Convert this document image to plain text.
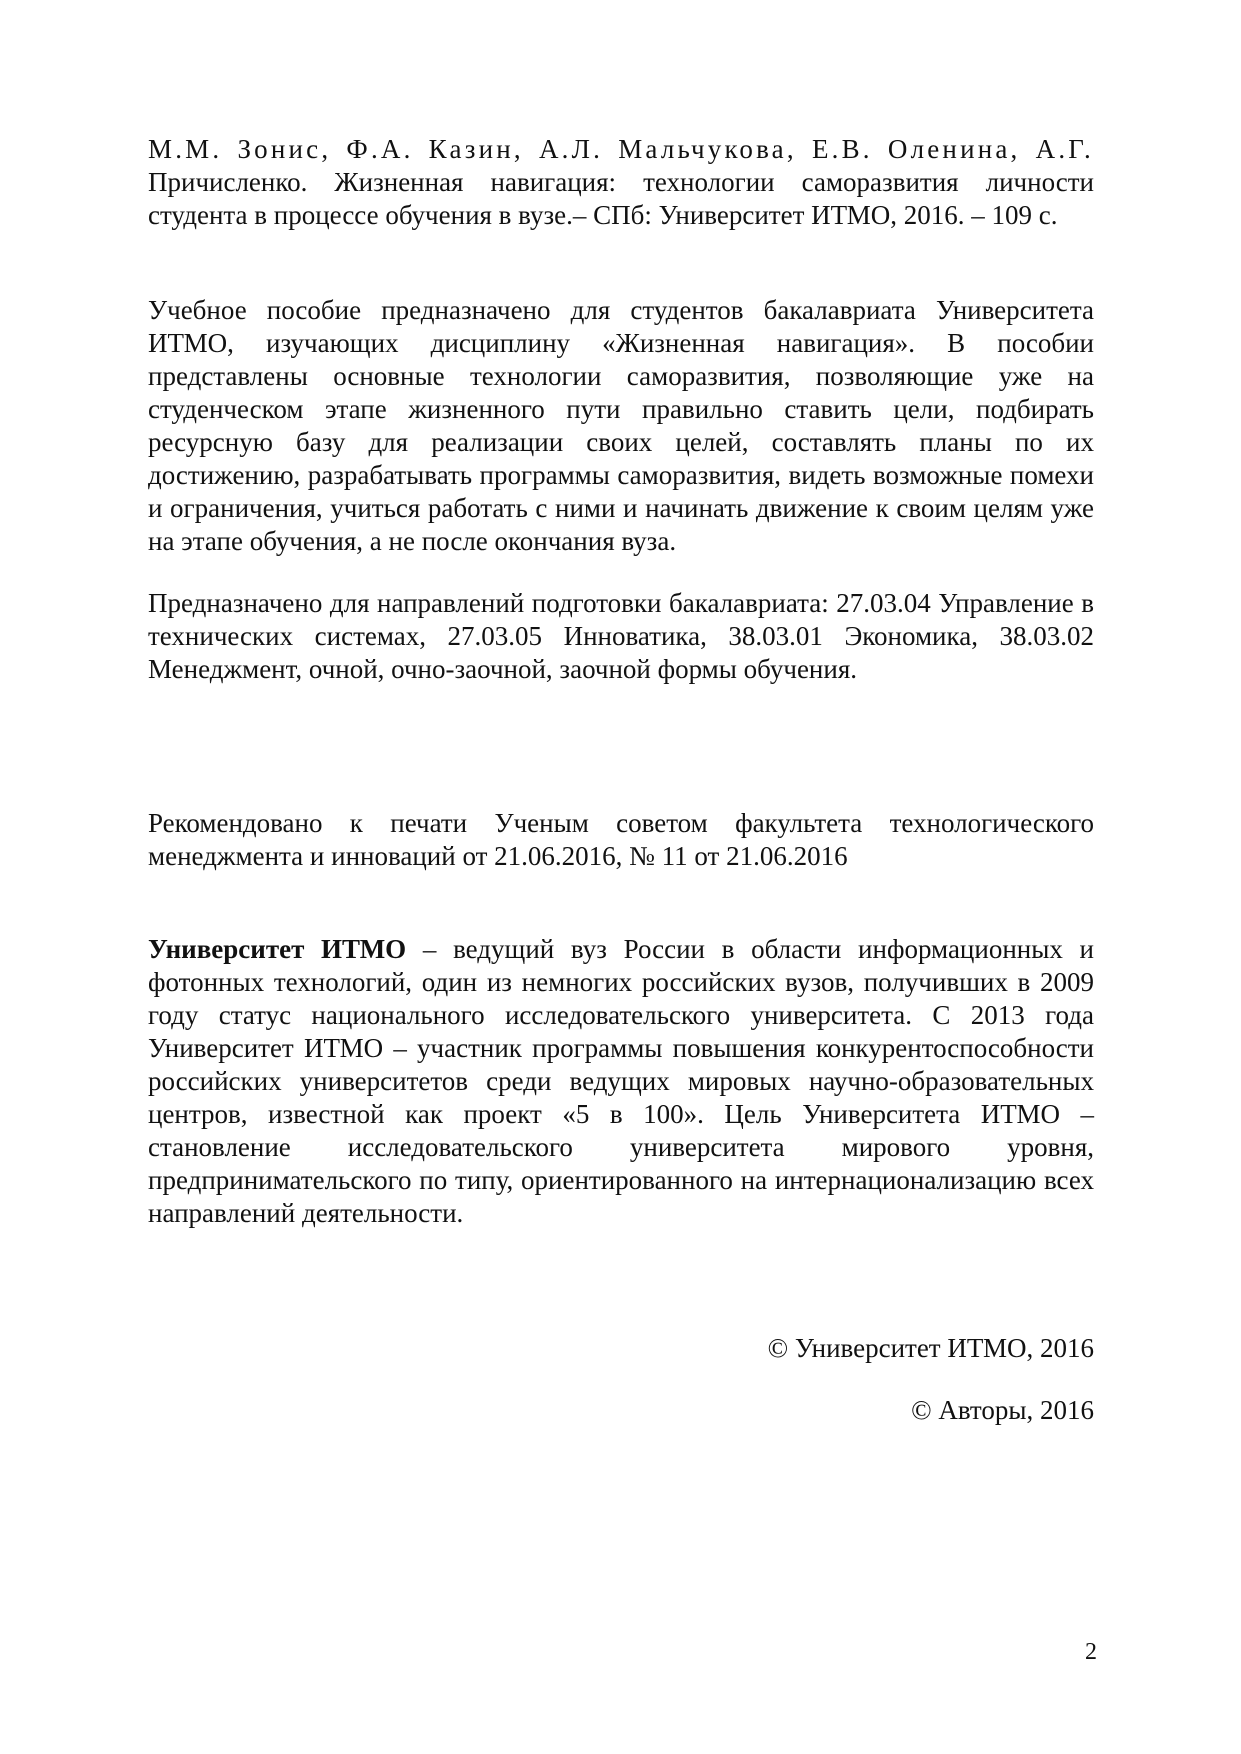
М.М. Зонис, Ф.А. Казин, А.Л. Мальчукова, Е.В. Оленина, А.Г. Причисленко. Жизненная навигация: технологии саморазвития личности студента в процессе обучения в вузе.– СПб: Университет ИТМО, 2016. – 109 с.

Учебное пособие предназначено для студентов бакалавриата Университета ИТМО, изучающих дисциплину «Жизненная навигация». В пособии представлены основные технологии саморазвития, позволяющие уже на студенческом этапе жизненного пути правильно ставить цели, подбирать ресурсную базу для реализации своих целей, составлять планы по их достижению, разрабатывать программы саморазвития, видеть возможные помехи и ограничения, учиться работать с ними и начинать движение к своим целям уже на этапе обучения, а не после окончания вуза.

Предназначено для направлений подготовки бакалавриата: 27.03.04 Управление в технических системах, 27.03.05 Инноватика, 38.03.01 Экономика, 38.03.02 Менеджмент, очной, очно-заочной, заочной формы обучения.

Рекомендовано к печати Ученым советом факультета технологического менеджмента и инноваций от 21.06.2016, № 11 от 21.06.2016

Университет ИТМО – ведущий вуз России в области информационных и фотонных технологий, один из немногих российских вузов, получивших в 2009 году статус национального исследовательского университета. С 2013 года Университет ИТМО – участник программы повышения конкурентоспособности российских университетов среди ведущих мировых научно-образовательных центров, известной как проект «5 в 100». Цель Университета ИТМО – становление исследовательского университета мирового уровня, предпринимательского по типу, ориентированного на интернационализацию всех направлений деятельности.

© Университет ИТМО, 2016

© Авторы, 2016

2
